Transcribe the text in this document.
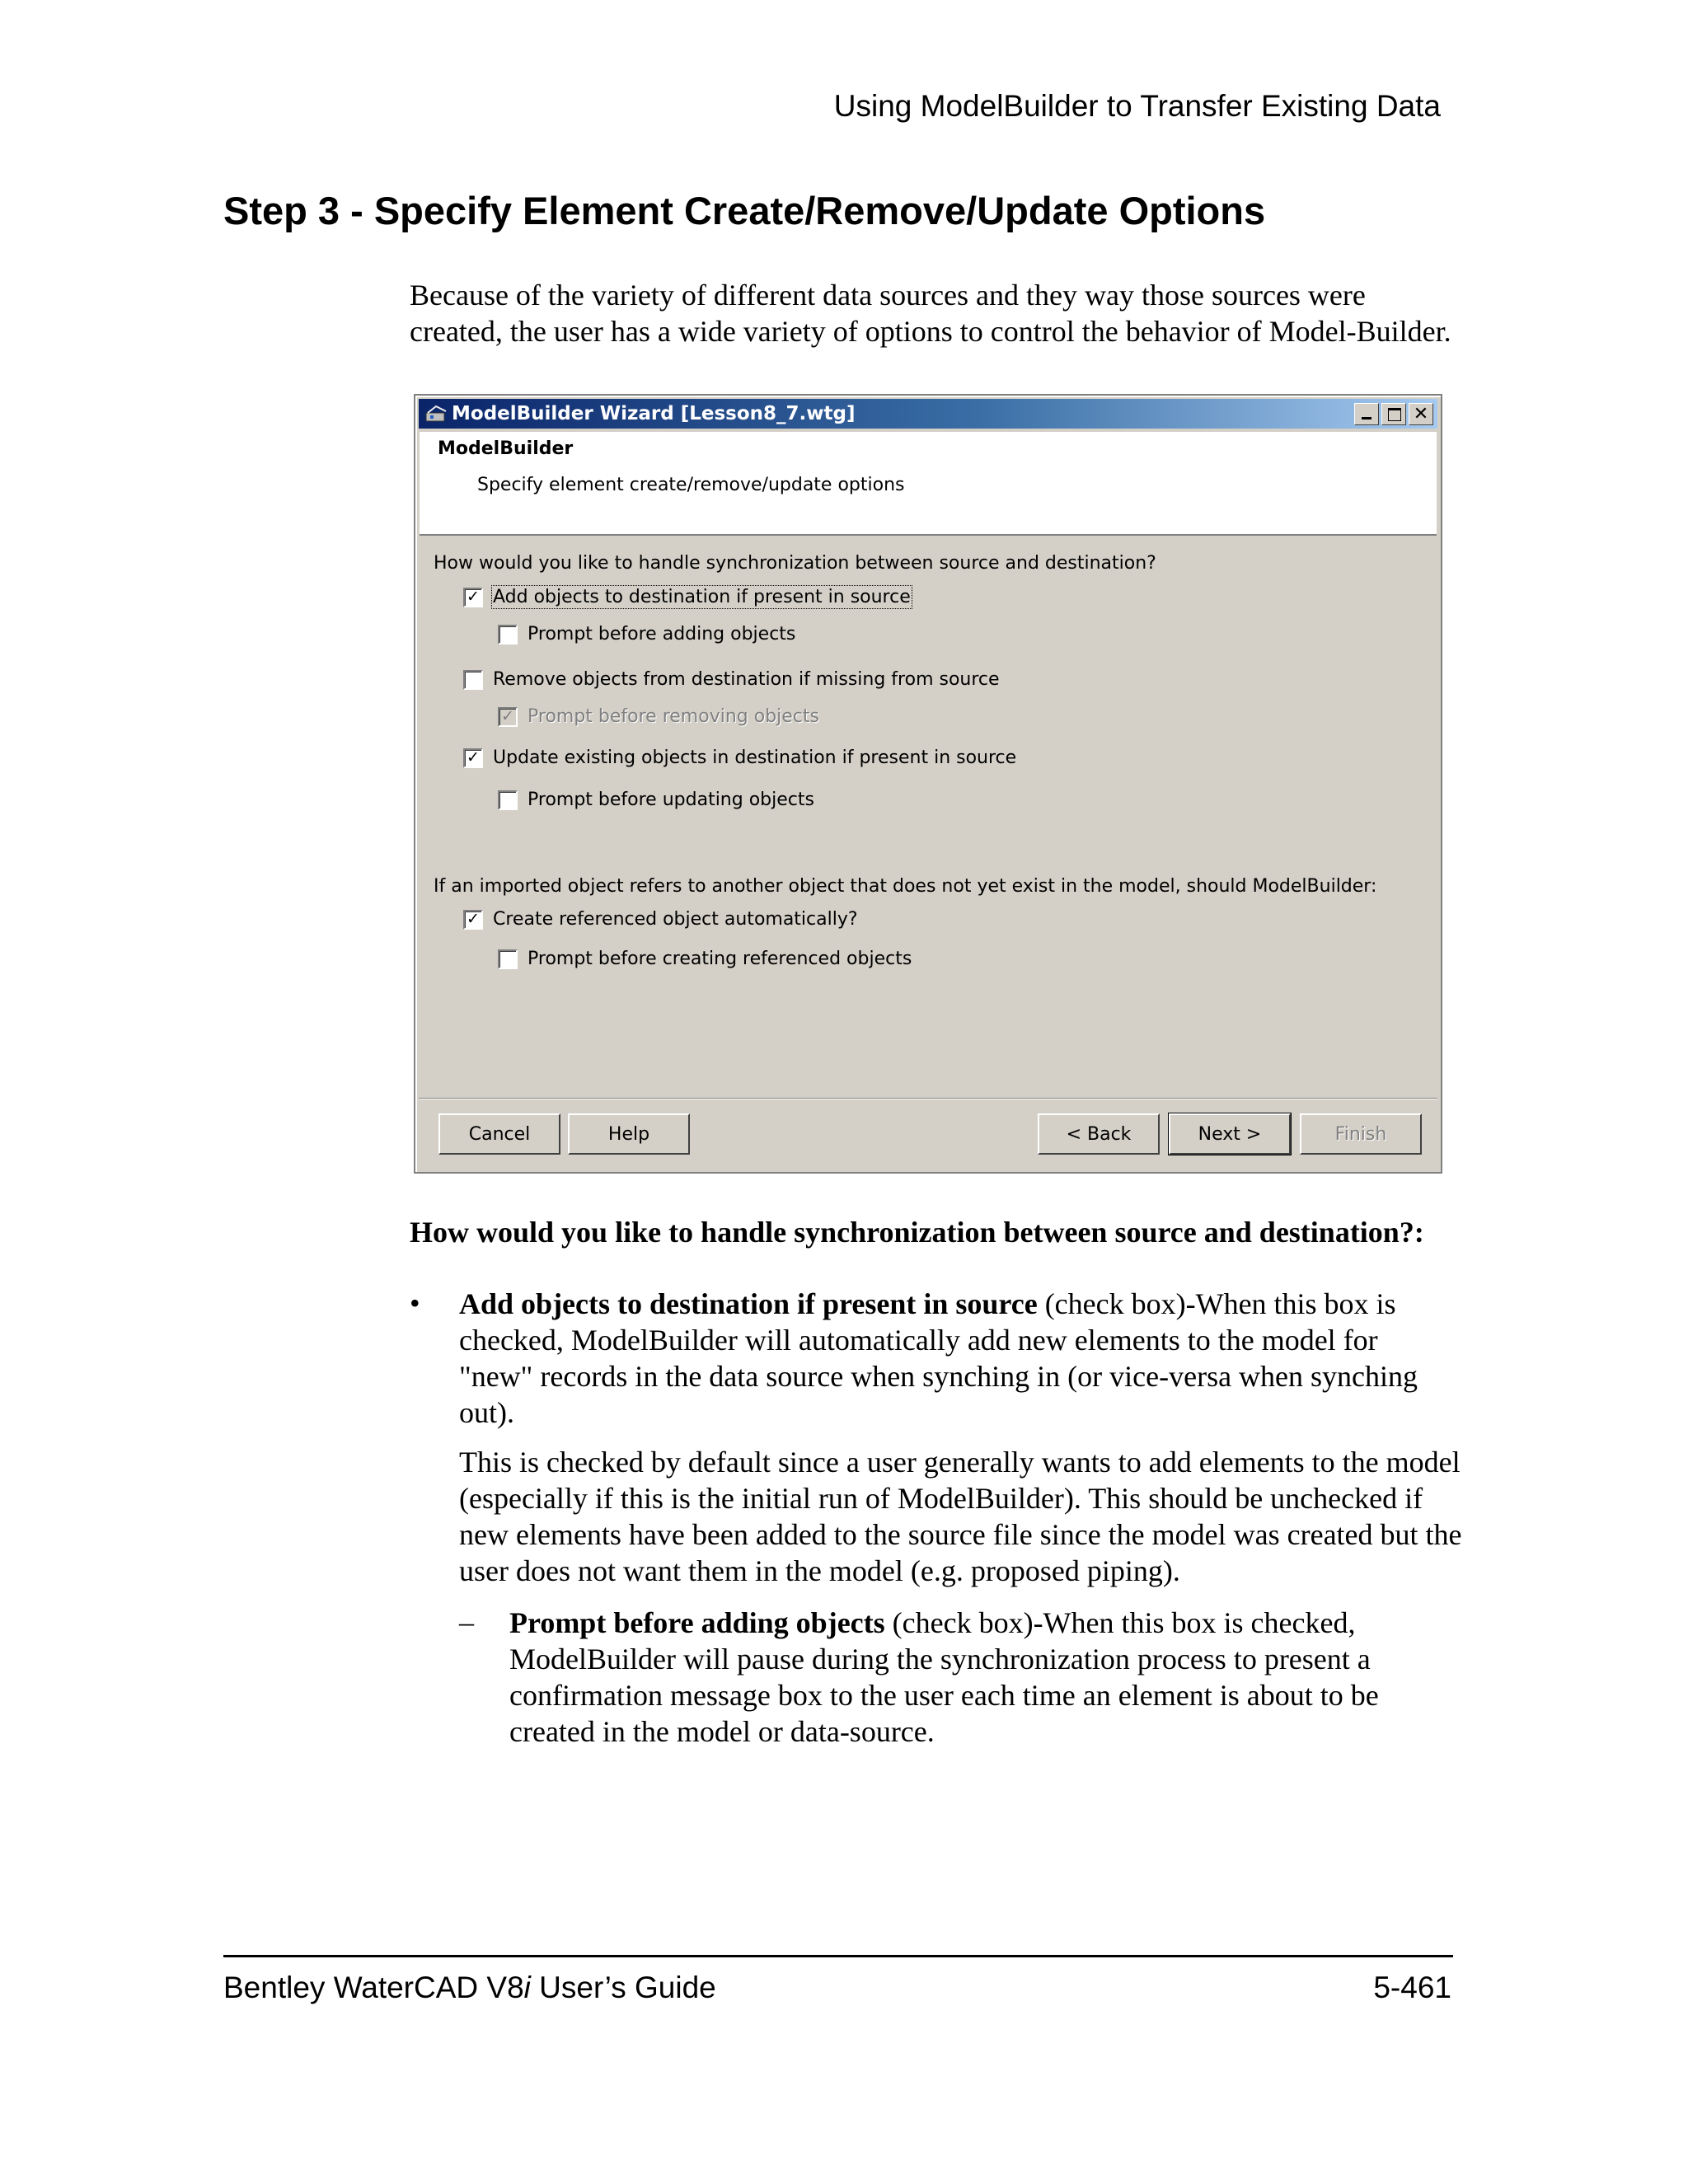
Using ModelBuilder to Transfer Existing Data
Step 3 - Specify Element Create/Remove/Update Options

Because of the variety of different data sources and they way those sources were created, the user has a wide variety of options to control the behavior of Model-Builder.

ModelBuilder Wizard [Lesson8_7.wtg]	✕
ModelBuilder
Specify element create/remove/update options
How would you like to handle synchronization between source and destination?
✓ Add objects to destination if present in source
Prompt before adding objects
Remove objects from destination if missing from source
✓ Prompt before removing objects
✓ Update existing objects in destination if present in source
Prompt before updating objects
If an imported object refers to another object that does not yet exist in the model, should ModelBuilder:
✓ Create referenced object automatically?
Prompt before creating referenced objects
Cancel	Help	< Back	Next >	Finish
How would you like to handle synchronization between source and destination?:
• Add objects to destination if present in source (check box)-When this box is checked, ModelBuilder will automatically add new elements to the model for "new" records in the data source when synching in (or vice-versa when synching out).

This is checked by default since a user generally wants to add elements to the model (especially if this is the initial run of ModelBuilder). This should be unchecked if new elements have been added to the source file since the model was created but the user does not want them in the model (e.g. proposed piping).

– Prompt before adding objects (check box)-When this box is checked, ModelBuilder will pause during the synchronization process to present a confirmation message box to the user each time an element is about to be created in the model or data-source.

Bentley WaterCAD V8i User’s Guide	5-461
